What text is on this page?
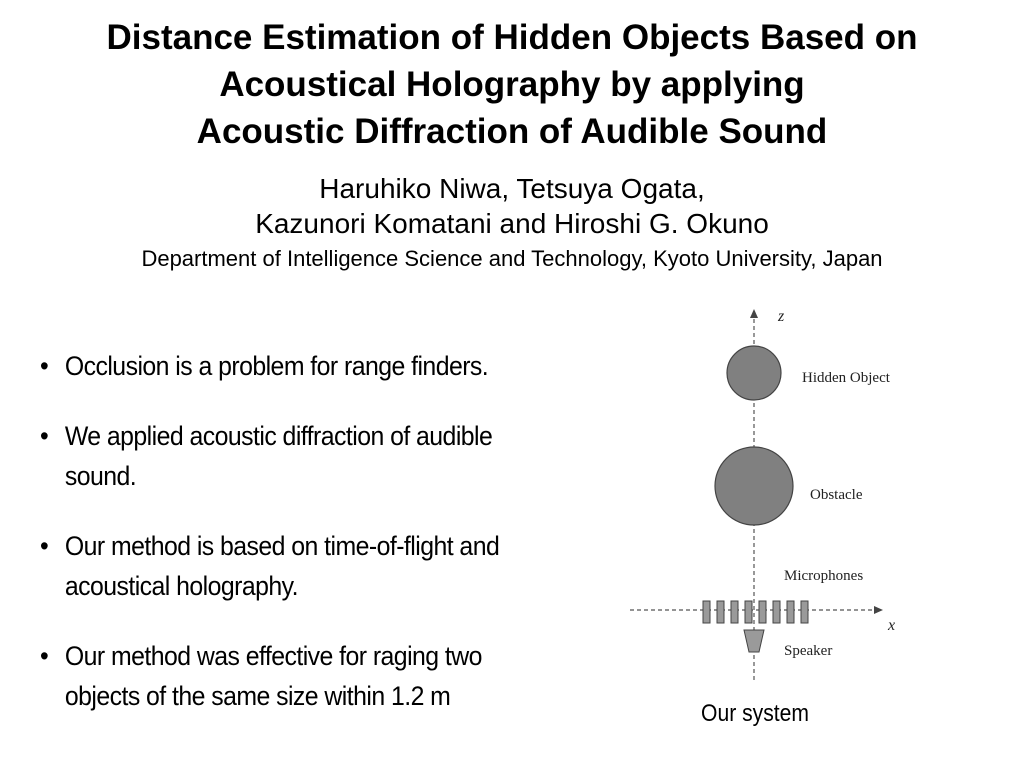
Distance Estimation of Hidden Objects Based on
Acoustical Holography by applying
Acoustic Diffraction of Audible Sound
Haruhiko Niwa, Tetsuya Ogata,
Kazunori Komatani and Hiroshi G. Okuno
Department of Intelligence Science and Technology, Kyoto University, Japan
• Occlusion is a problem for range finders.
• We applied acoustic diffraction of audible sound.
• Our method is based on time-of-flight and acoustical holography.
• Our method was effective for raging two objects of the same size within 1.2 m
z
Hidden Object
Obstacle
Microphones
x
Speaker
Our system
